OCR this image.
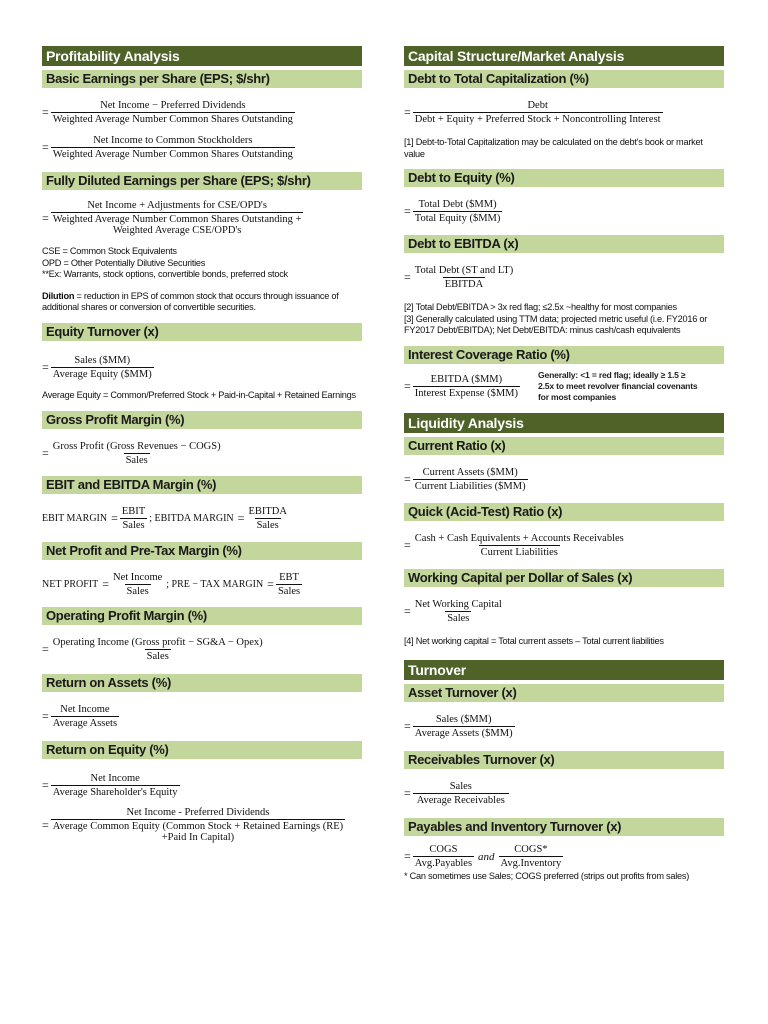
Profitability Analysis
Basic Earnings per Share (EPS; $/shr)
= $\frac{\text{Net Income − Preferred Dividends}}{\text{Weighted Average Number Common Shares Outstanding}}$
= $\frac{\text{Net Income to Common Stockholders}}{\text{Weighted Average Number Common Shares Outstanding}}$
Fully Diluted Earnings per Share (EPS; $/shr)
=
Net Income + Adjustments for CSE/OPD's
Weighted Average Number Common Shares Outstanding +
Weighted Average CSE/OPD's
CSE = Common Stock Equivalents
OPD = Other Potentially Dilutive Securities
**Ex: Warrants, stock options, convertible bonds, preferred stock
Dilution = reduction in EPS of common stock that occurs through issuance of additional shares or conversion of convertible securities.
Equity Turnover (x)
= $\frac{\text{Sales (\$MM)}}{\text{Average Equity (\$MM)}}$
Average Equity = Common/Preferred Stock + Paid-in-Capital + Retained Earnings
Gross Profit Margin (%)
= $\frac{\text{Gross Profit (Gross Revenues − COGS)}}{\text{Sales}}$
EBIT and EBITDA Margin (%)
EBIT MARGIN = $\frac{\text{EBIT}}{\text{Sales}}$ ; EBITDA MARGIN = $\frac{\text{EBITDA}}{\text{Sales}}$
Net Profit and Pre-Tax Margin (%)
NET PROFIT = $\frac{\text{Net Income}}{\text{Sales}}$ ; PRE − TAX MARGIN = $\frac{\text{EBT}}{\text{Sales}}$
Operating Profit Margin (%)
= $\frac{\text{Operating Income (Gross profit − SG\&A − Opex)}}{\text{Sales}}$
Return on Assets (%)
= $\frac{\text{Net Income}}{\text{Average Assets}}$
Return on Equity (%)
= $\frac{\text{Net Income}}{\text{Average Shareholder's Equity}}$
=
Net Income - Preferred Dividends
Average Common Equity (Common Stock + Retained Earnings (RE)
+Paid In Capital)
Capital Structure/Market Analysis
Debt to Total Capitalization (%)
= $\frac{\text{Debt}}{\text{Debt + Equity + Preferred Stock + Noncontrolling Interest}}$
[1] Debt-to-Total Capitalization may be calculated on the debt's book or market value
Debt to Equity (%)
= $\frac{\text{Total Debt (\$MM)}}{\text{Total Equity (\$MM)}}$
Debt to EBITDA (x)
= $\frac{\text{Total Debt (ST and LT)}}{\text{EBITDA}}$
[2] Total Debt/EBITDA > 3x red flag; ≤2.5x ~healthy for most companies
[3] Generally calculated using TTM data; projected metric useful (i.e. FY2016 or FY2017 Debt/EBITDA); Net Debt/EBITDA: minus cash/cash equivalents
Interest Coverage Ratio (%)
= $\frac{\text{EBITDA (\$MM)}}{\text{Interest Expense (\$MM)}}$ Generally: <1 = red flag; ideally ≥ 1.5 ≥ 2.5x to meet revolver financial covenants for most companies
Liquidity Analysis
Current Ratio (x)
= $\frac{\text{Current Assets (\$MM)}}{\text{Current Liabilities (\$MM)}}$
Quick (Acid-Test) Ratio (x)
= $\frac{\text{Cash + Cash Equivalents + Accounts Receivables}}{\text{Current Liabilities}}$
Working Capital per Dollar of Sales (x)
= $\frac{\text{Net Working Capital}}{\text{Sales}}$
[4] Net working capital = Total current assets – Total current liabilities
Turnover
Asset Turnover (x)
= $\frac{\text{Sales (\$MM)}}{\text{Average Assets (\$MM)}}$
Receivables Turnover (x)
= $\frac{\text{Sales}}{\text{Average Receivables}}$
Payables and Inventory Turnover (x)
= $\frac{\text{COGS}}{\text{Avg.Payables}}$ and $\frac{\text{COGS*}}{\text{Avg.Inventory}}$
* Can sometimes use Sales; COGS preferred (strips out profits from sales)
